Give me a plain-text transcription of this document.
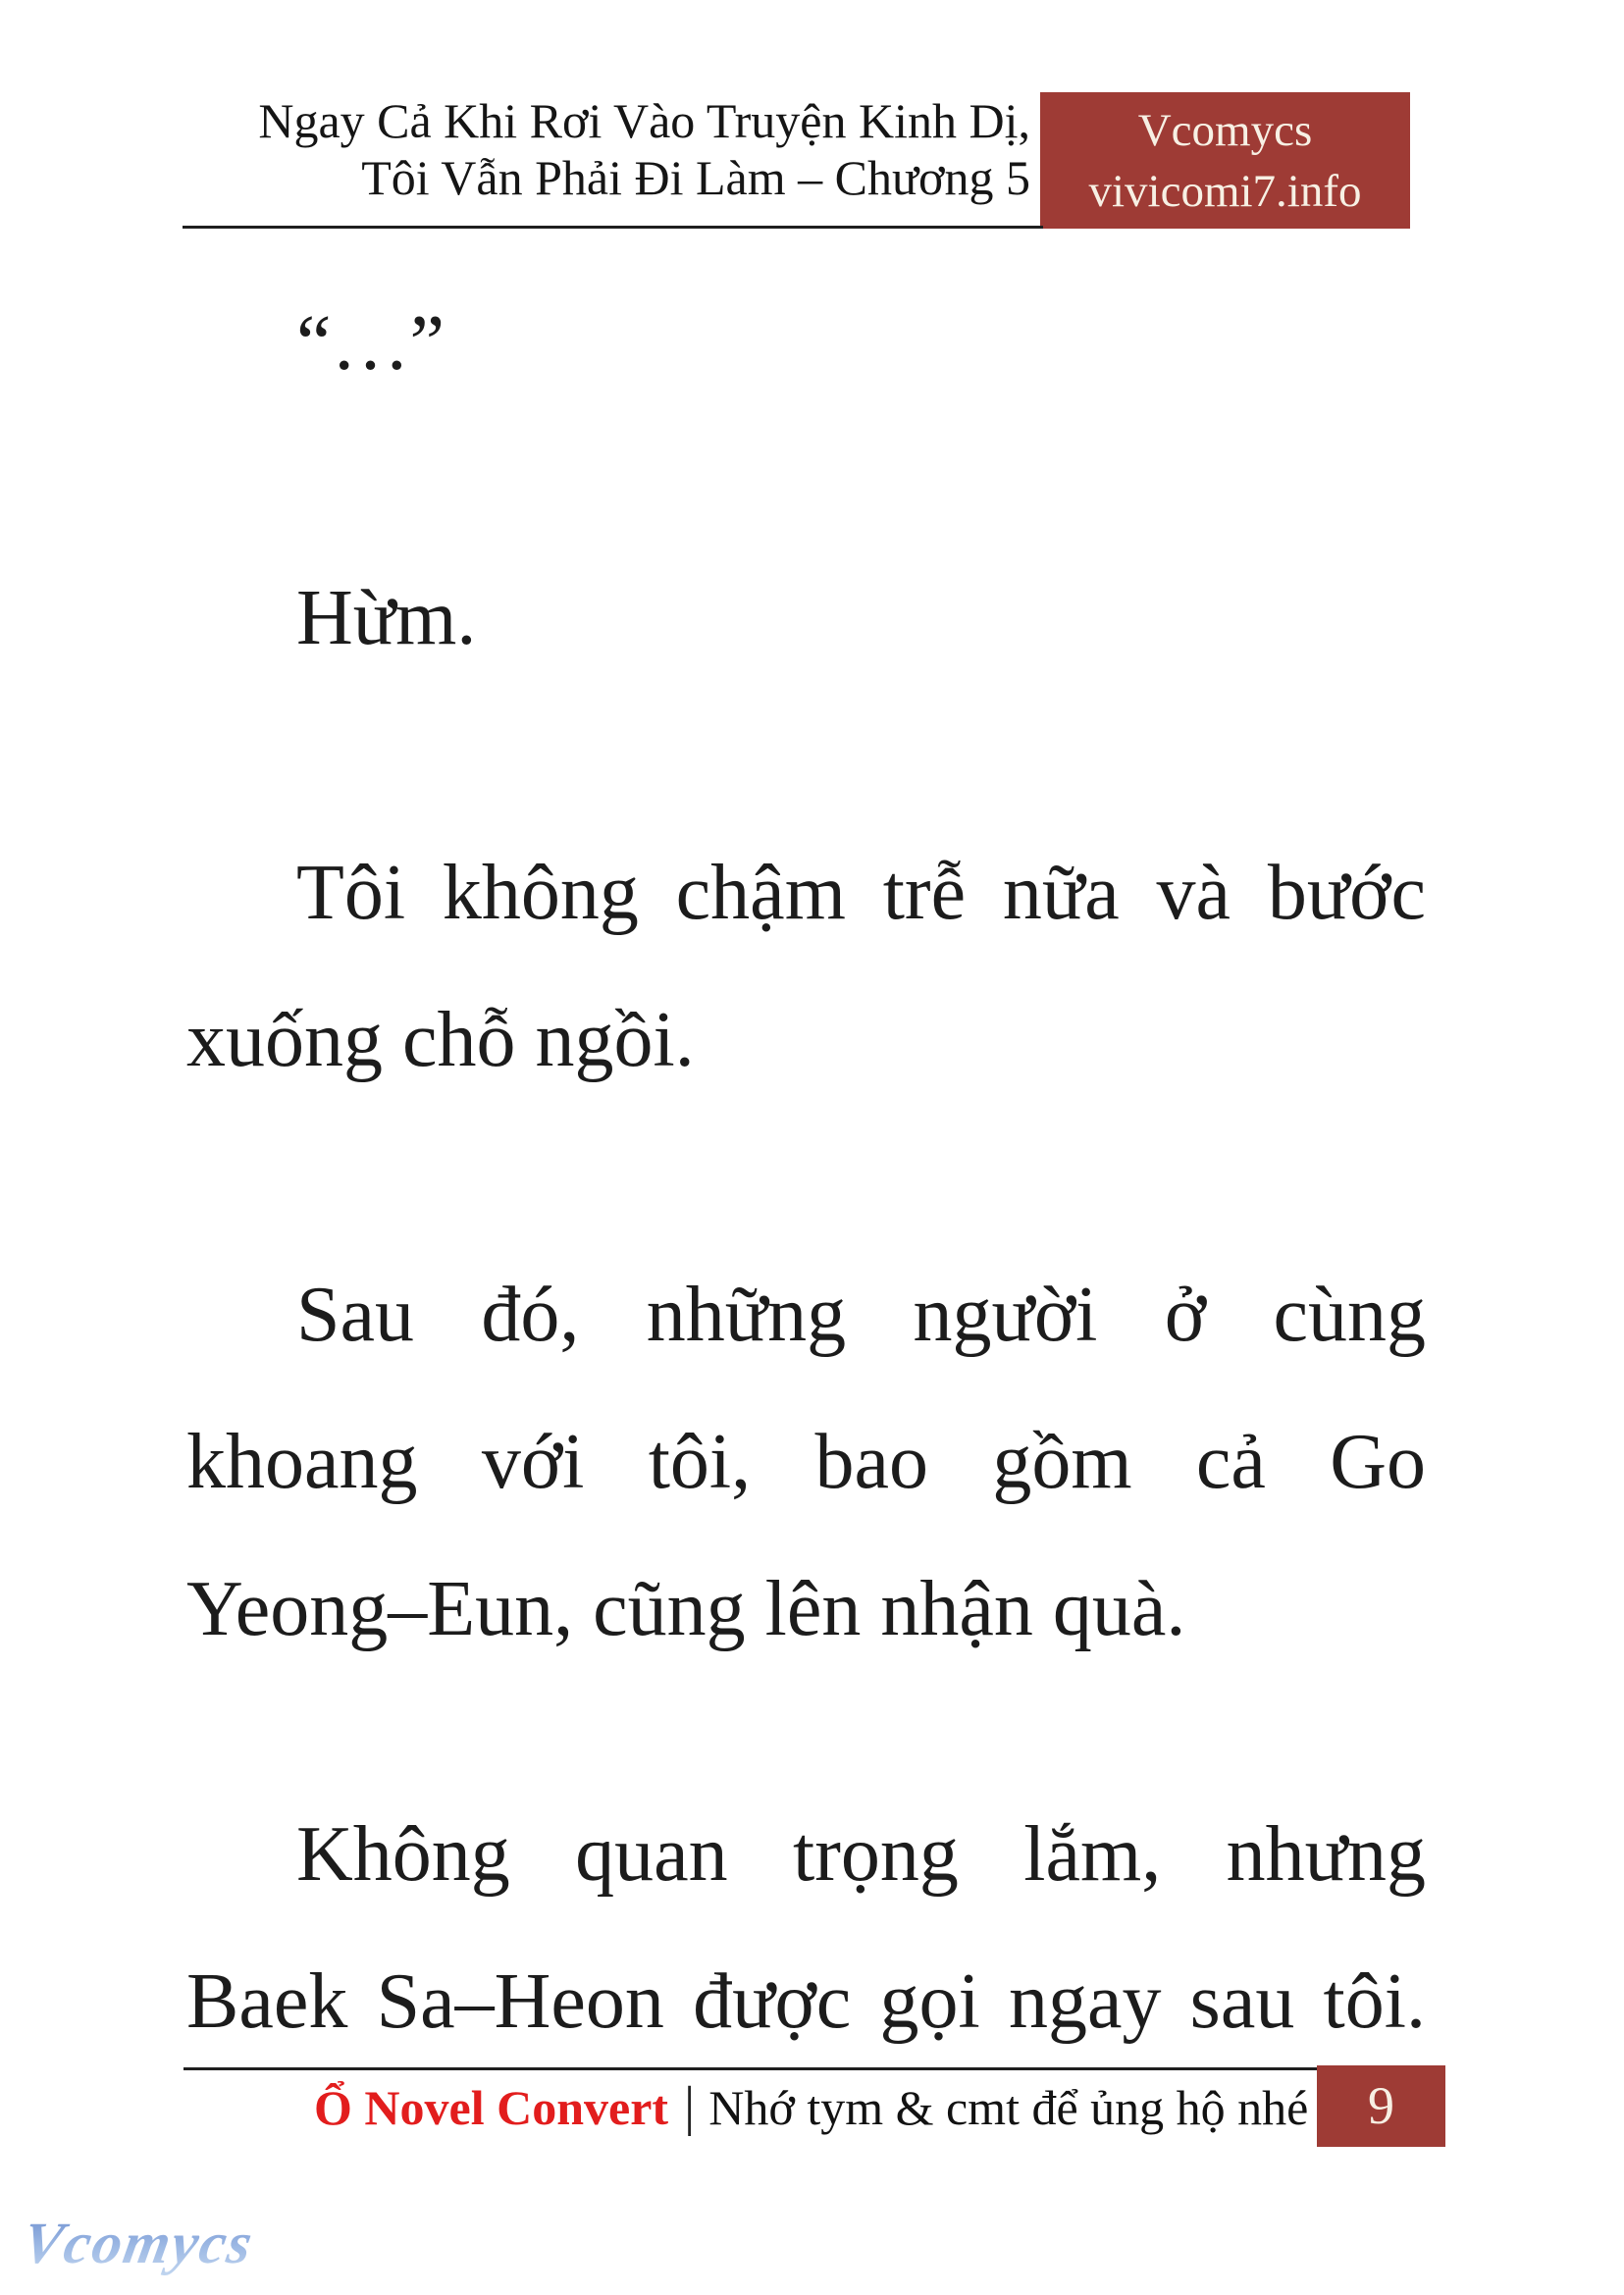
Ngay Cả Khi Rơi Vào Truyện Kinh Dị,
Tôi Vẫn Phải Đi Làm – Chương 5
Vcomycs
vivicomi7.info
“…”
Hừm.
Tôi không chậm trễ nữa và bước
xuống chỗ ngồi.
Sau đó, những người ở cùng
khoang với tôi, bao gồm cả Go
Yeong–Eun, cũng lên nhận quà.
Không quan trọng lắm, nhưng
Baek Sa–Heon được gọi ngay sau tôi.
Ổ Novel Convert | Nhớ tym & cmt để ủng hộ nhé	9
Vcomycs
